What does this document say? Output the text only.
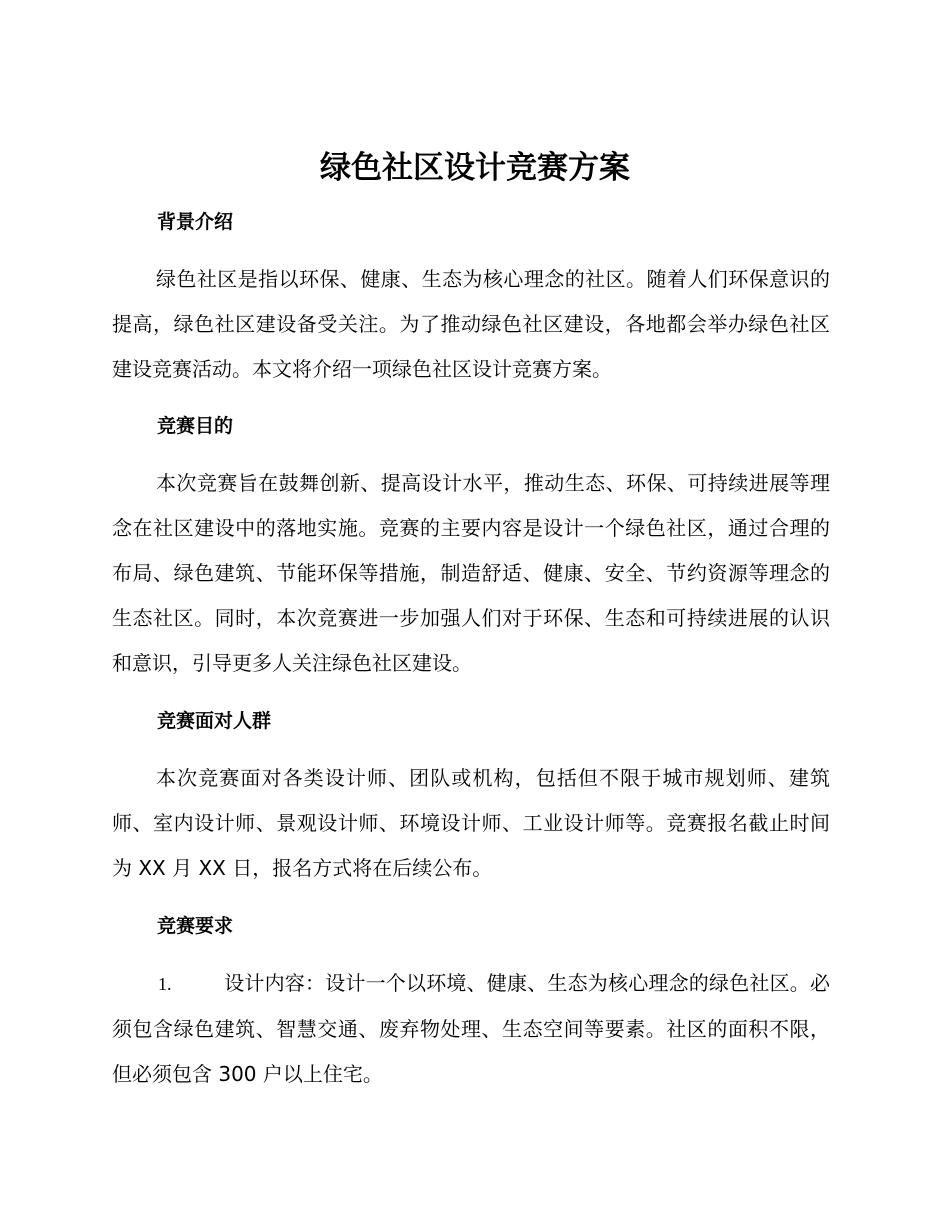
绿色社区设计竞赛方案
背景介绍

绿色社区是指以环保、健康、生态为核心理念的社区。随着人们环保意识的提高，绿色社区建设备受关注。为了推动绿色社区建设，各地都会举办绿色社区建设竞赛活动。本文将介绍一项绿色社区设计竞赛方案。

竞赛目的

本次竞赛旨在鼓舞创新、提高设计水平，推动生态、环保、可持续进展等理念在社区建设中的落地实施。竞赛的主要内容是设计一个绿色社区，通过合理的布局、绿色建筑、节能环保等措施，制造舒适、健康、安全、节约资源等理念的生态社区。同时，本次竞赛进一步加强人们对于环保、生态和可持续进展的认识和意识，引导更多人关注绿色社区建设。

竞赛面对人群

本次竞赛面对各类设计师、团队或机构，包括但不限于城市规划师、建筑师、室内设计师、景观设计师、环境设计师、工业设计师等。竞赛报名截止时间为 XX 月 XX 日，报名方式将在后续公布。

竞赛要求

1.	设计内容：设计一个以环境、健康、生态为核心理念的绿色社区。必须包含绿色建筑、智慧交通、废弃物处理、生态空间等要素。社区的面积不限，但必须包含 300 户以上住宅。
